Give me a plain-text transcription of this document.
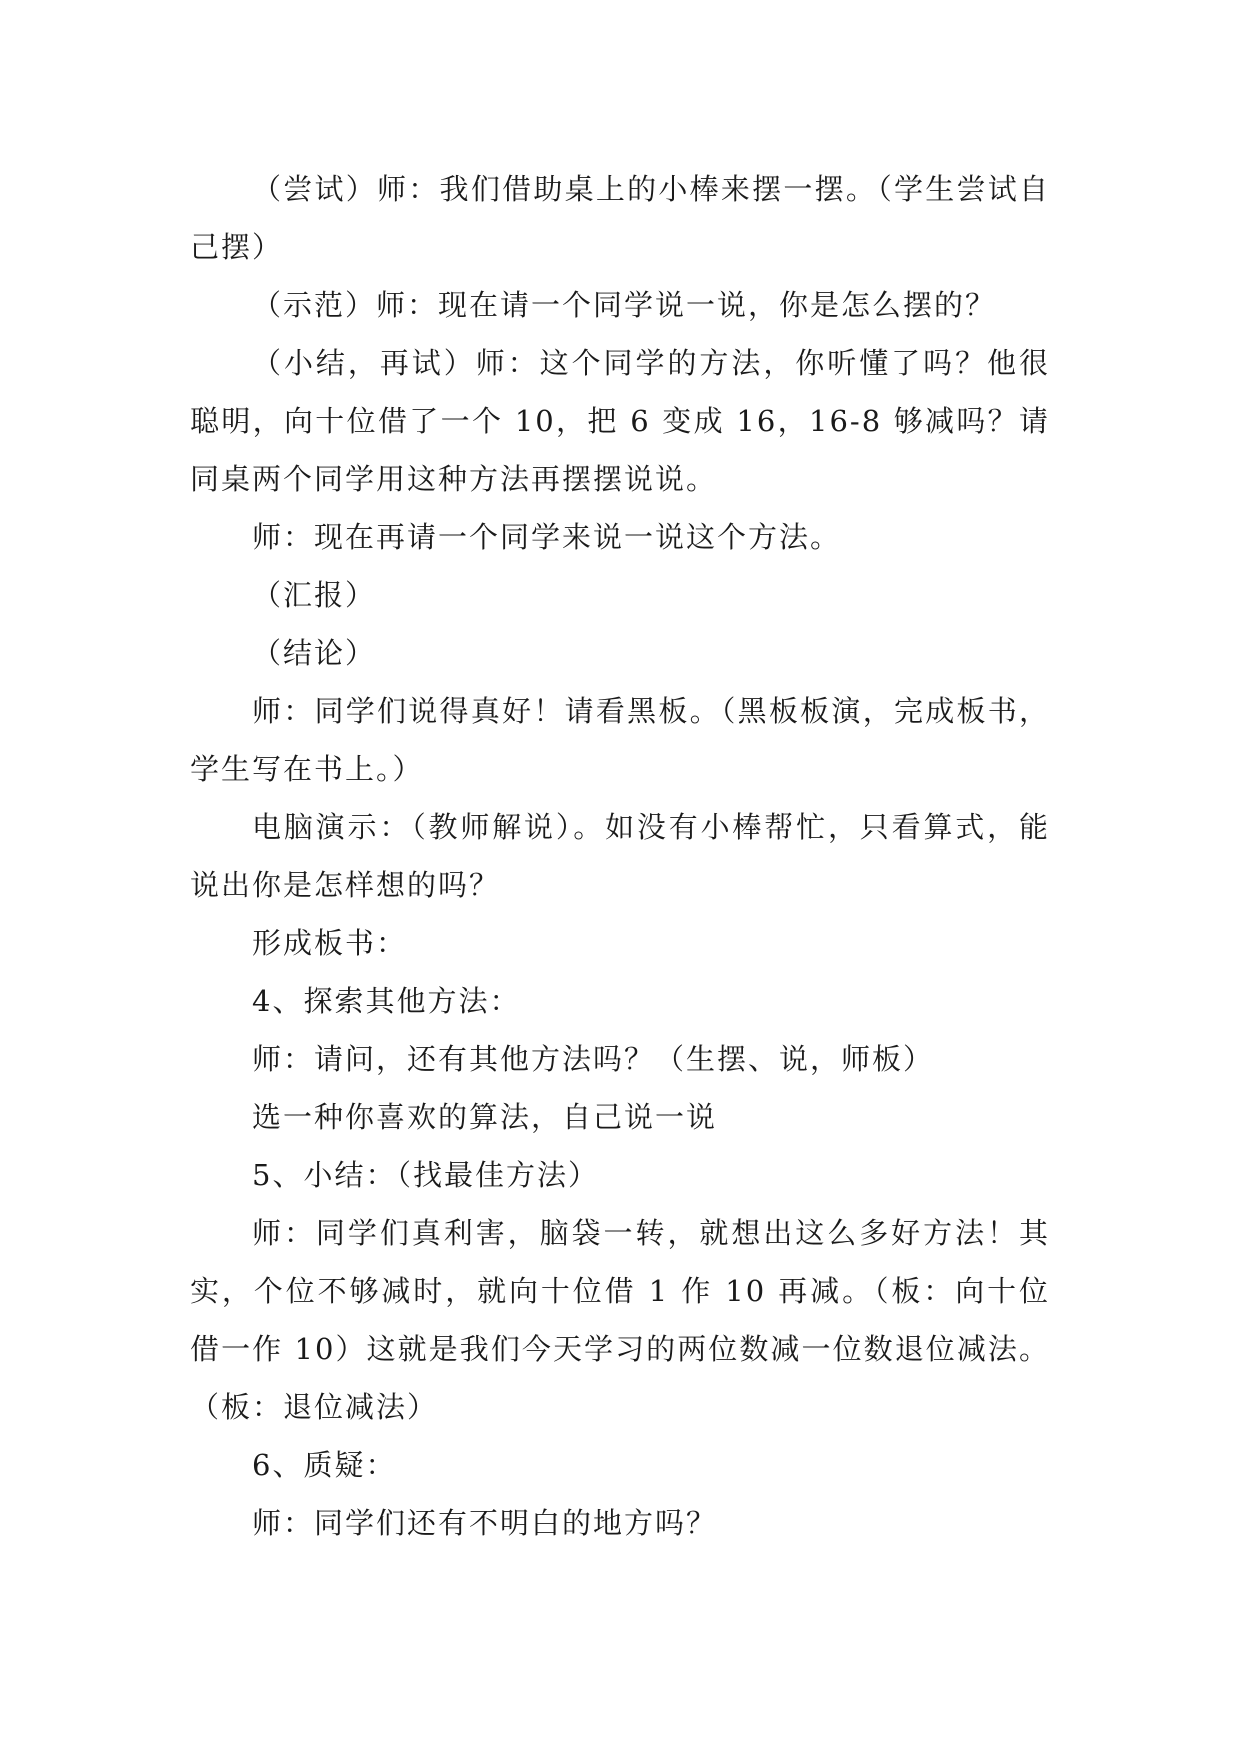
（尝试）师：我们借助桌上的小棒来摆一摆。（学生尝试自己摆）

（示范）师：现在请一个同学说一说，你是怎么摆的？

（小结，再试）师：这个同学的方法，你听懂了吗？他很聪明，向十位借了一个 10，把 6 变成 16，16-8 够减吗？请同桌两个同学用这种方法再摆摆说说。

师：现在再请一个同学来说一说这个方法。

（汇报）

（结论）

师：同学们说得真好！请看黑板。（黑板板演，完成板书，学生写在书上。）

电脑演示：（教师解说）。如没有小棒帮忙，只看算式，能说出你是怎样想的吗？

形成板书：

4、探索其他方法：

师：请问，还有其他方法吗？（生摆、说，师板）

选一种你喜欢的算法，自己说一说

5、小结：（找最佳方法）

师：同学们真利害，脑袋一转，就想出这么多好方法！其实，个位不够减时，就向十位借 1 作 10 再减。（板：向十位借一作 10）这就是我们今天学习的两位数减一位数退位减法。（板：退位减法）

6、质疑：

师：同学们还有不明白的地方吗？
